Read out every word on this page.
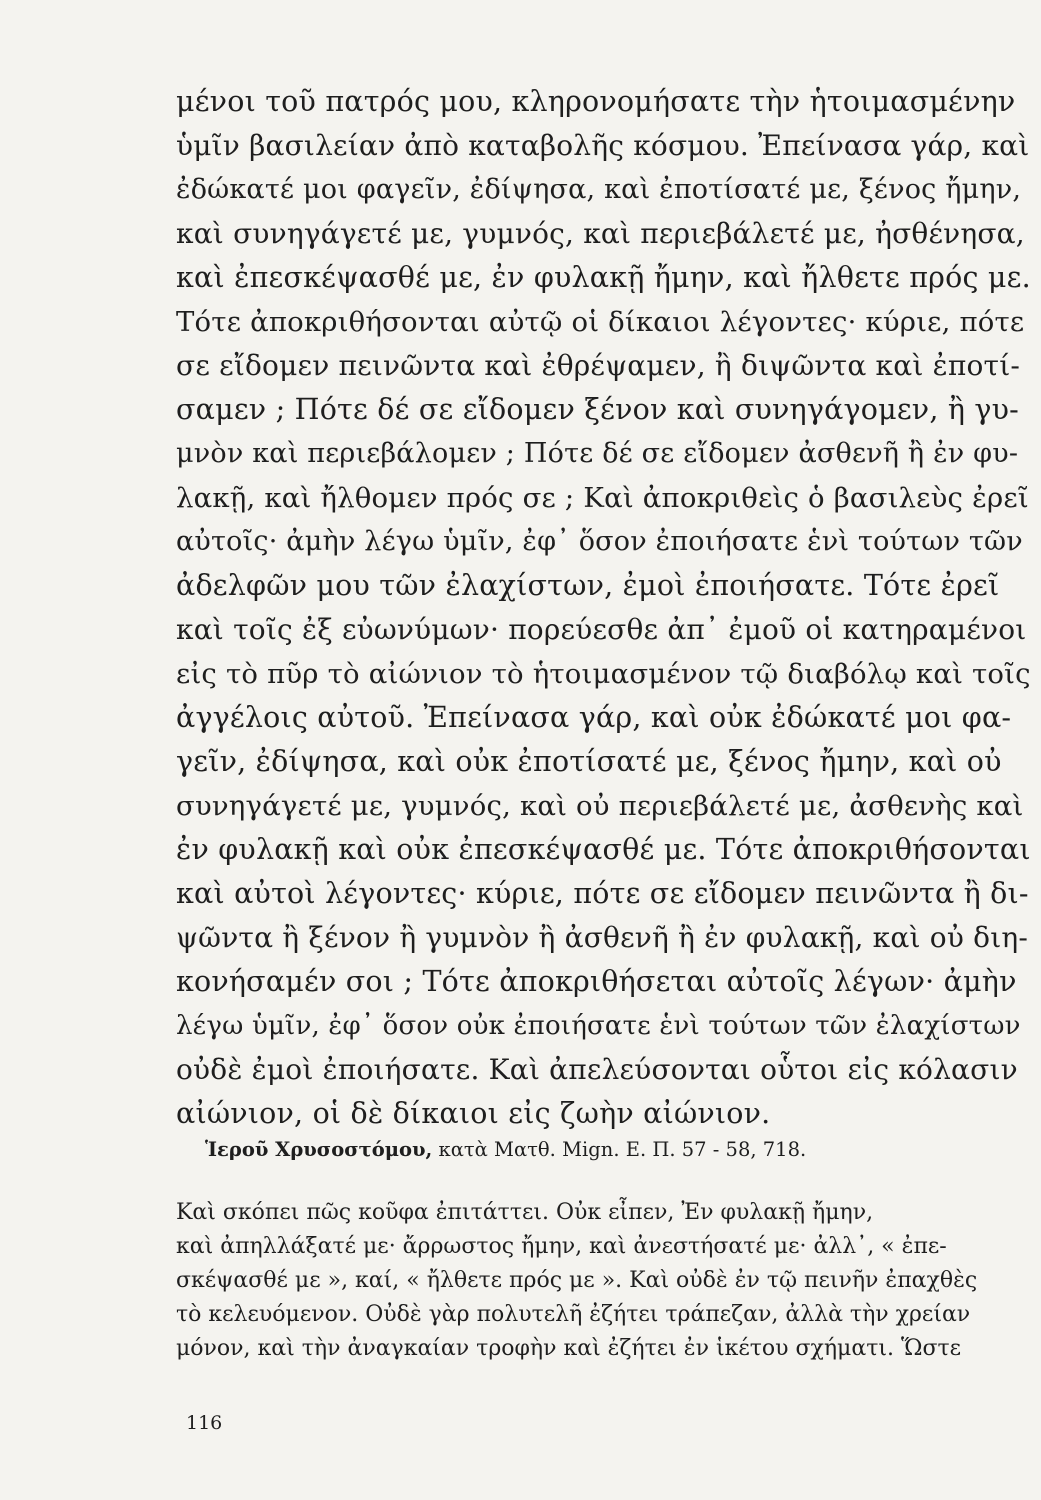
μένοι τοῦ πατρός μου, κληρονομήσατε τὴν ἡτοιμασμένην
ὑμῖν βασιλείαν ἀπὸ καταβολῆς κόσμου. Ἐπείνασα γάρ, καὶ
ἐδώκατέ μοι φαγεῖν, ἐδίψησα, καὶ ἐποτίσατέ με, ξένος ἤμην,
καὶ συνηγάγετέ με, γυμνός, καὶ περιεβάλετέ με, ἠσθένησα,
καὶ ἐπεσκέψασθέ με, ἐν φυλακῇ ἤμην, καὶ ἤλθετε πρός με.
Τότε ἀποκριθήσονται αὐτῷ οἱ δίκαιοι λέγοντες· κύριε, πότε
σε εἴδομεν πεινῶντα καὶ ἐθρέψαμεν, ἢ διψῶντα καὶ ἐποτί-
σαμεν ; Πότε δέ σε εἴδομεν ξένον καὶ συνηγάγομεν, ἢ γυ-
μνὸν καὶ περιεβάλομεν ; Πότε δέ σε εἴδομεν ἀσθενῆ ἢ ἐν φυ-
λακῇ, καὶ ἤλθομεν πρός σε ; Καὶ ἀποκριθεὶς ὁ βασιλεὺς ἐρεῖ
αὐτοῖς· ἀμὴν λέγω ὑμῖν, ἐφ᾽ ὅσον ἐποιήσατε ἑνὶ τούτων τῶν
ἀδελφῶν μου τῶν ἐλαχίστων, ἐμοὶ ἐποιήσατε. Τότε ἐρεῖ
καὶ τοῖς ἐξ εὐωνύμων· πορεύεσθε ἀπ᾽ ἐμοῦ οἱ κατηραμένοι
εἰς τὸ πῦρ τὸ αἰώνιον τὸ ἡτοιμασμένον τῷ διαβόλῳ καὶ τοῖς
ἀγγέλοις αὐτοῦ. Ἐπείνασα γάρ, καὶ οὐκ ἐδώκατέ μοι φα-
γεῖν, ἐδίψησα, καὶ οὐκ ἐποτίσατέ με, ξένος ἤμην, καὶ οὐ
συνηγάγετέ με, γυμνός, καὶ οὐ περιεβάλετέ με, ἀσθενὴς καὶ
ἐν φυλακῇ καὶ οὐκ ἐπεσκέψασθέ με. Τότε ἀποκριθήσονται
καὶ αὐτοὶ λέγοντες· κύριε, πότε σε εἴδομεν πεινῶντα ἢ δι-
ψῶντα ἢ ξένον ἢ γυμνὸν ἢ ἀσθενῆ ἢ ἐν φυλακῇ, καὶ οὐ διη-
κονήσαμέν σοι ; Τότε ἀποκριθήσεται αὐτοῖς λέγων· ἀμὴν
λέγω ὑμῖν, ἐφ᾽ ὅσον οὐκ ἐποιήσατε ἑνὶ τούτων τῶν ἐλαχίστων
οὐδὲ ἐμοὶ ἐποιήσατε. Καὶ ἀπελεύσονται οὗτοι εἰς κόλασιν
αἰώνιον, οἱ δὲ δίκαιοι εἰς ζωὴν αἰώνιον.
Ἱεροῦ Χρυσοστόμου, κατὰ Ματθ. Mign. E. Π. 57 - 58, 718.
Καὶ σκόπει πῶς κοῦφα ἐπιτάττει. Οὐκ εἶπεν, Ἐν φυλακῇ ἤμην,
καὶ ἀπηλλάξατέ με· ἄρρωστος ἤμην, καὶ ἀνεστήσατέ με· ἀλλ᾽, « ἐπε-
σκέψασθέ με », καί, « ἤλθετε πρός με ». Καὶ οὐδὲ ἐν τῷ πεινῆν ἐπαχθὲς
τὸ κελευόμενον. Οὐδὲ γὰρ πολυτελῆ ἐζήτει τράπεζαν, ἀλλὰ τὴν χρείαν
μόνον, καὶ τὴν ἀναγκαίαν τροφὴν καὶ ἐζήτει ἐν ἱκέτου σχήματι. Ὥστε
116
